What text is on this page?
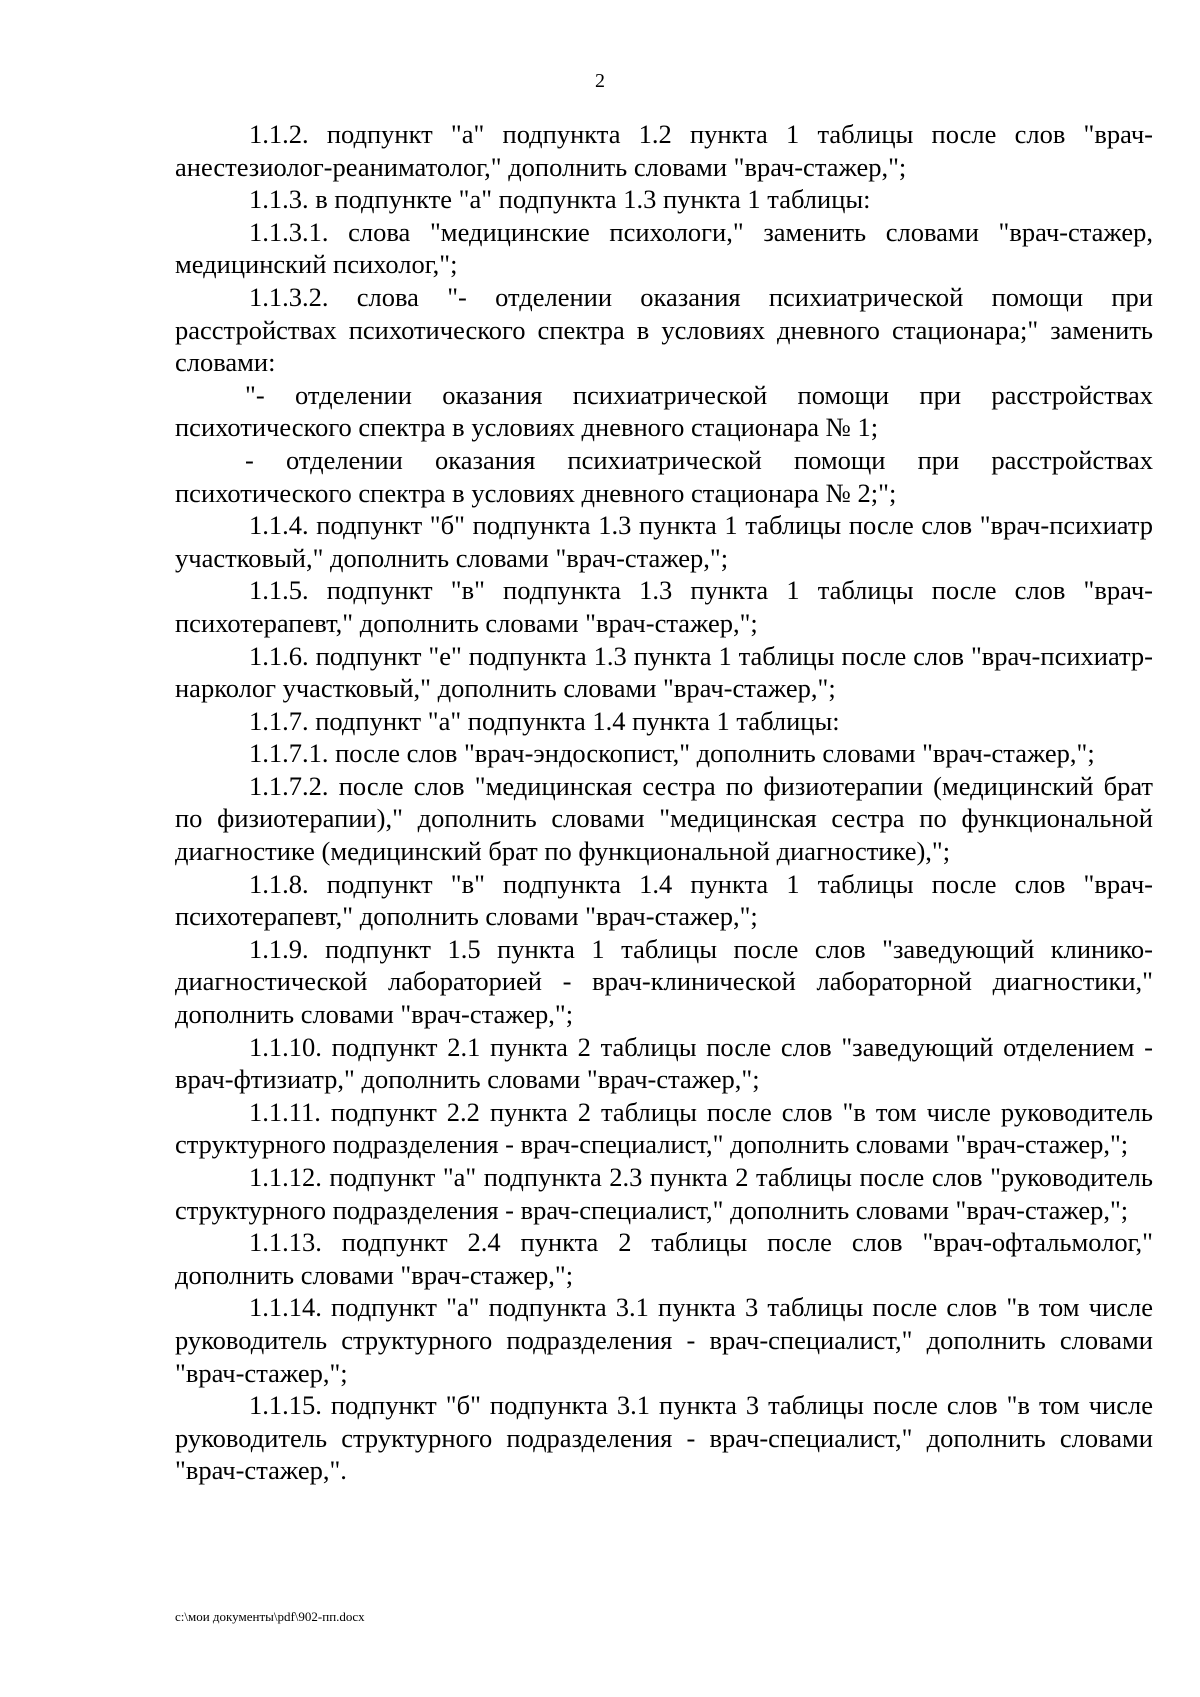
2

1.1.2. подпункт "а" подпункта 1.2 пункта 1 таблицы после слов "врач-анестезиолог-реаниматолог," дополнить словами "врач-стажер,";

1.1.3. в подпункте "а" подпункта 1.3 пункта 1 таблицы:

1.1.3.1. слова "медицинские психологи," заменить словами "врач-стажер, медицинский психолог,";

1.1.3.2. слова "- отделении оказания психиатрической помощи при расстройствах психотического спектра в условиях дневного стационара;" заменить словами:

"- отделении оказания психиатрической помощи при расстройствах психотического спектра в условиях дневного стационара № 1;

- отделении оказания психиатрической помощи при расстройствах психотического спектра в условиях дневного стационара № 2;";

1.1.4. подпункт "б" подпункта 1.3 пункта 1 таблицы после слов "врач-психиатр участковый," дополнить словами "врач-стажер,";

1.1.5. подпункт "в" подпункта 1.3 пункта 1 таблицы после слов "врач-психотерапевт," дополнить словами "врач-стажер,";

1.1.6. подпункт "е" подпункта 1.3 пункта 1 таблицы после слов "врач-психиатр-нарколог участковый," дополнить словами "врач-стажер,";

1.1.7. подпункт "а" подпункта 1.4 пункта 1 таблицы:

1.1.7.1. после слов "врач-эндоскопист," дополнить словами "врач-стажер,";

1.1.7.2. после слов "медицинская сестра по физиотерапии (медицинский брат по физиотерапии)," дополнить словами "медицинская сестра по функциональной диагностике (медицинский брат по функциональной диагностике),";

1.1.8. подпункт "в" подпункта 1.4 пункта 1 таблицы после слов "врач-психотерапевт," дополнить словами "врач-стажер,";

1.1.9. подпункт 1.5 пункта 1 таблицы после слов "заведующий клинико-диагностической лабораторией - врач-клинической лабораторной диагностики," дополнить словами "врач-стажер,";

1.1.10. подпункт 2.1 пункта 2 таблицы после слов "заведующий отделением - врач-фтизиатр," дополнить словами "врач-стажер,";

1.1.11. подпункт 2.2 пункта 2 таблицы после слов "в том числе руководитель структурного подразделения - врач-специалист," дополнить словами "врач-стажер,";

1.1.12. подпункт "а" подпункта 2.3 пункта 2 таблицы после слов "руководитель структурного подразделения - врач-специалист," дополнить словами "врач-стажер,";

1.1.13. подпункт 2.4 пункта 2 таблицы после слов "врач-офтальмолог," дополнить словами "врач-стажер,";

1.1.14. подпункт "а" подпункта 3.1 пункта 3 таблицы после слов "в том числе руководитель структурного подразделения - врач-специалист," дополнить словами "врач-стажер,";

1.1.15. подпункт "б" подпункта 3.1 пункта 3 таблицы после слов "в том числе руководитель структурного подразделения - врач-специалист," дополнить словами "врач-стажер,".

c:\мои документы\pdf\902-пп.docx
